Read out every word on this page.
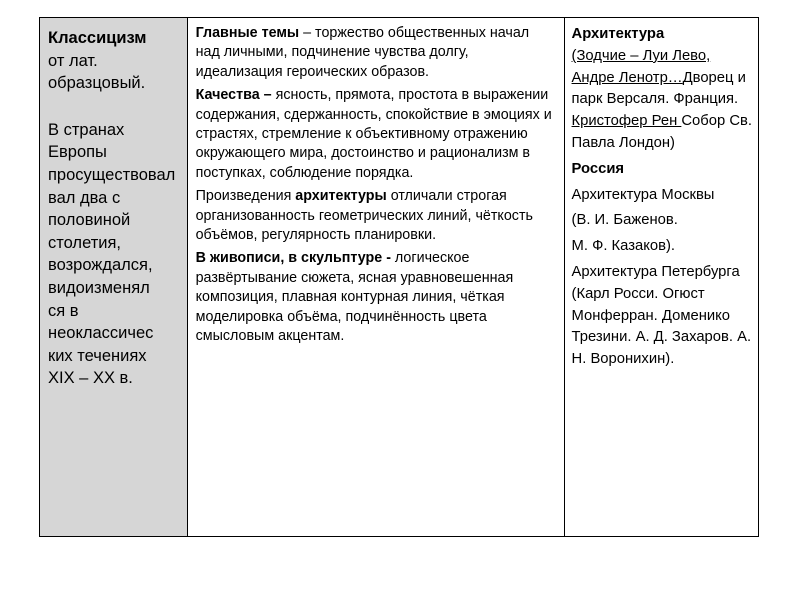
Классицизм
от лат.
образцовый.
В странах
Европы
просуществовал
вал два с
половиной
столетия,
возрождался,
видоизменял
ся в
неоклассичес
ких течениях
XIX – XX в.

Главные темы – торжество общественных начал над личными, подчинение чувства долгу, идеализация героических образов.

Качества – ясность, прямота, простота в выражении содержания, сдержанность, спокойствие в эмоциях и страстях, стремление к объективному отражению окружающего мира, достоинство и рационализм в поступках, соблюдение порядка.

Произведения архитектуры отличали строгая организованность геометрических линий, чёткость объёмов, регулярность планировки.

В живописи, в скульптуре - логическое развёртывание сюжета, ясная уравновешенная композиция, плавная контурная линия, чёткая моделировка объёма, подчинённость цвета смысловым акцентам.

Архитектура
(Зодчие – Луи Лево, Андре Ленотр…Дворец и парк Версаля. Франция. Кристофер Рен Собор Св. Павла Лондон)
Россия
Архитектура Москвы
(В. И. Баженов.
М. Ф. Казаков).
Архитектура Петербурга (Карл Росси. Огюст Монферран. Доменико Трезини. А. Д. Захаров. А. Н. Воронихин).
